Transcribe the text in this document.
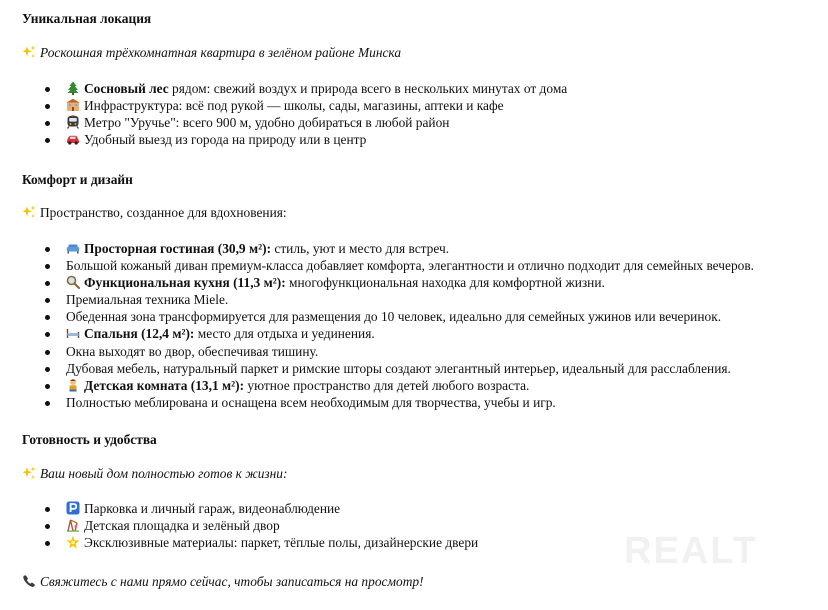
Уникальная локация

Роскошная трёхкомнатная квартира в зелёном районе Минска

Сосновый лес рядом: свежий воздух и природа всего в нескольких минутах от дома
Инфраструктура: всё под рукой — школы, сады, магазины, аптеки и кафе
Метро "Уручье": всего 900 м, удобно добираться в любой район
Удобный выезд из города на природу или в центр
Комфорт и дизайн

Пространство, созданное для вдохновения:

Просторная гостиная (30,9 м²): стиль, уют и место для встреч.
Большой кожаный диван премиум-класса добавляет комфорта, элегантности и отлично подходит для семейных вечеров.
Функциональная кухня (11,3 м²): многофункциональная находка для комфортной жизни.
Премиальная техника Miele.
Обеденная зона трансформируется для размещения до 10 человек, идеально для семейных ужинов или вечеринок.
Спальня (12,4 м²): место для отдыха и уединения.
Окна выходят во двор, обеспечивая тишину.
Дубовая мебель, натуральный паркет и римские шторы создают элегантный интерьер, идеальный для расслабления.
Детская комната (13,1 м²): уютное пространство для детей любого возраста.
Полностью меблирована и оснащена всем необходимым для творчества, учебы и игр.
Готовность и удобства

Ваш новый дом полностью готов к жизни:

Парковка и личный гараж, видеонаблюдение
Детская площадка и зелёный двор
Эксклюзивные материалы: паркет, тёплые полы, дизайнерские двери

Свяжитесь с нами прямо сейчас, чтобы записаться на просмотр!

REALT
